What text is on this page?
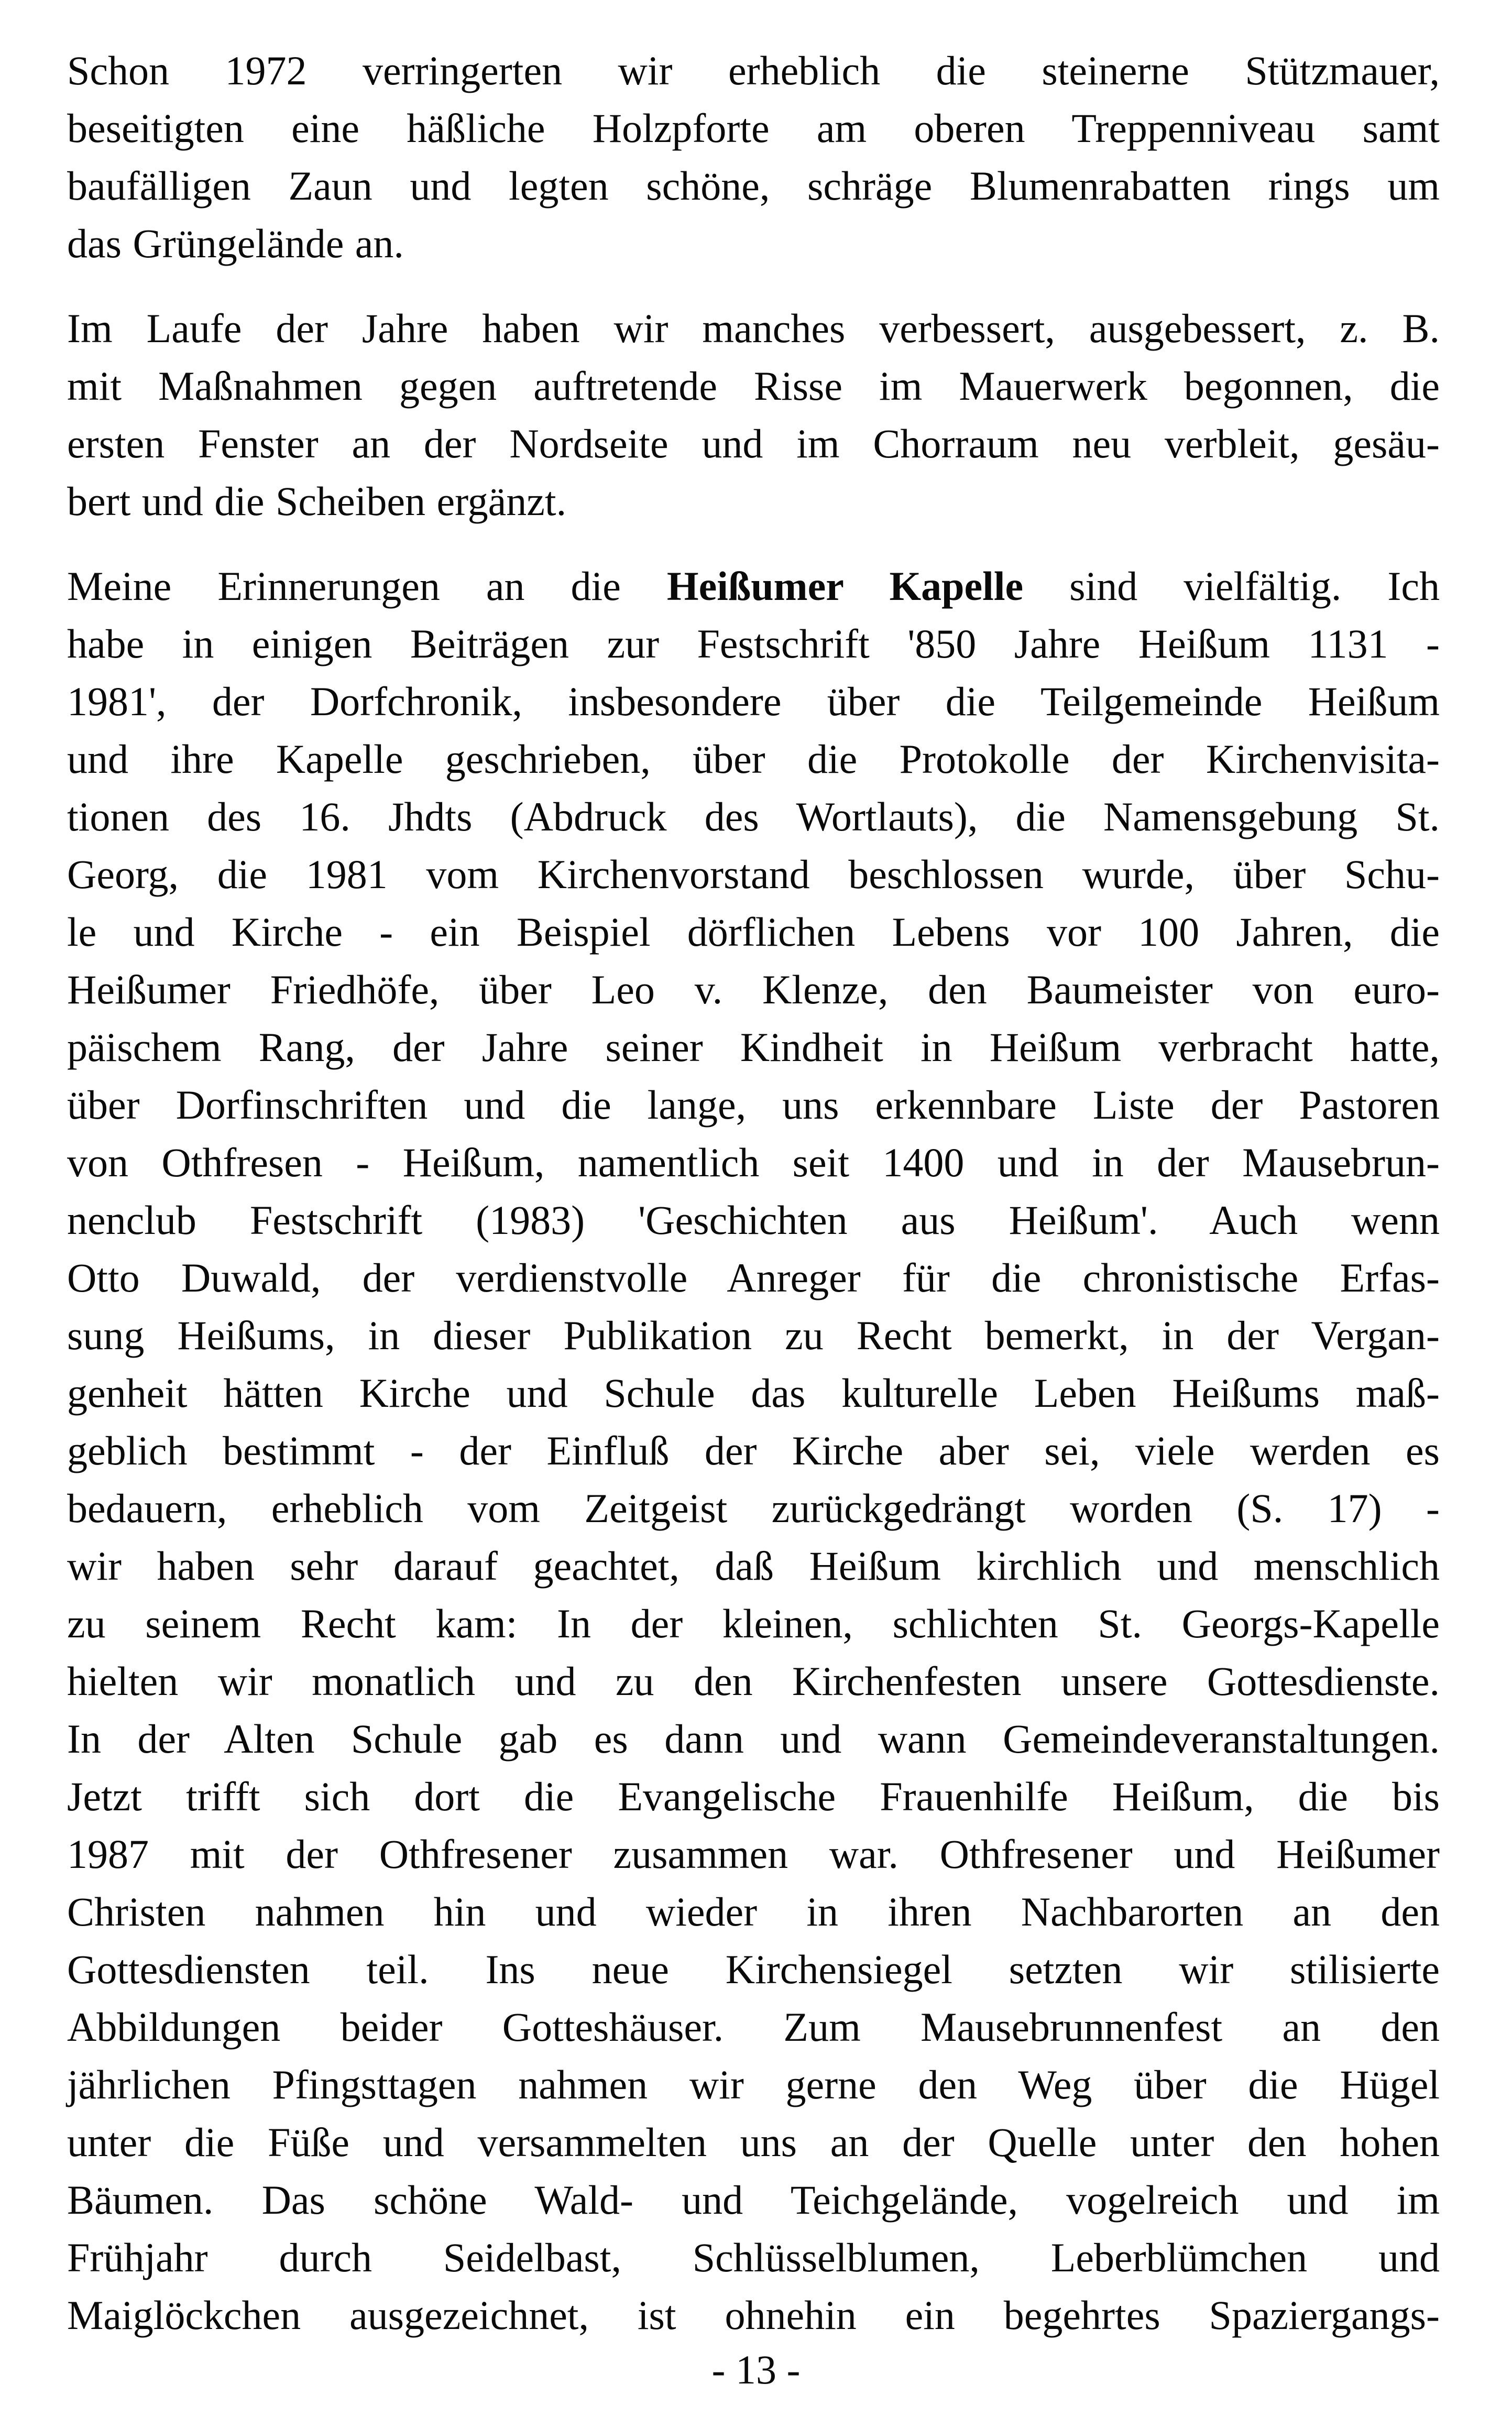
Schon 1972 verringerten wir erheblich die steinerne Stützmauer,
beseitigten eine häßliche Holzpforte am oberen Treppenniveau samt
baufälligen Zaun und legten schöne, schräge Blumenrabatten rings um
das Grüngelände an.
Im Laufe der Jahre haben wir manches verbessert, ausgebessert, z. B.
mit Maßnahmen gegen auftretende Risse im Mauerwerk begonnen, die
ersten Fenster an der Nordseite und im Chorraum neu verbleit, gesäu-
bert und die Scheiben ergänzt.
Meine Erinnerungen an die Heißumer Kapelle sind vielfältig. Ich
habe in einigen Beiträgen zur Festschrift '850 Jahre Heißum 1131 -
1981', der Dorfchronik, insbesondere über die Teilgemeinde Heißum
und ihre Kapelle geschrieben, über die Protokolle der Kirchenvisita-
tionen des 16. Jhdts (Abdruck des Wortlauts), die Namensgebung St.
Georg, die 1981 vom Kirchenvorstand beschlossen wurde, über Schu-
le und Kirche - ein Beispiel dörflichen Lebens vor 100 Jahren, die
Heißumer Friedhöfe, über Leo v. Klenze, den Baumeister von euro-
päischem Rang, der Jahre seiner Kindheit in Heißum verbracht hatte,
über Dorfinschriften und die lange, uns erkennbare Liste der Pastoren
von Othfresen - Heißum, namentlich seit 1400 und in der Mausebrun-
nenclub Festschrift (1983) 'Geschichten aus Heißum'. Auch wenn
Otto Duwald, der verdienstvolle Anreger für die chronistische Erfas-
sung Heißums, in dieser Publikation zu Recht bemerkt, in der Vergan-
genheit hätten Kirche und Schule das kulturelle Leben Heißums maß-
geblich bestimmt - der Einfluß der Kirche aber sei, viele werden es
bedauern, erheblich vom Zeitgeist zurückgedrängt worden (S. 17) -
wir haben sehr darauf geachtet, daß Heißum kirchlich und menschlich
zu seinem Recht kam: In der kleinen, schlichten St. Georgs-Kapelle
hielten wir monatlich und zu den Kirchenfesten unsere Gottesdienste.
In der Alten Schule gab es dann und wann Gemeindeveranstaltungen.
Jetzt trifft sich dort die Evangelische Frauenhilfe Heißum, die bis
1987 mit der Othfresener zusammen war. Othfresener und Heißumer
Christen nahmen hin und wieder in ihren Nachbarorten an den
Gottesdiensten teil. Ins neue Kirchensiegel setzten wir stilisierte
Abbildungen beider Gotteshäuser. Zum Mausebrunnenfest an den
jährlichen Pfingsttagen nahmen wir gerne den Weg über die Hügel
unter die Füße und versammelten uns an der Quelle unter den hohen
Bäumen. Das schöne Wald- und Teichgelände, vogelreich und im
Frühjahr durch Seidelbast, Schlüsselblumen, Leberblümchen und
Maiglöckchen ausgezeichnet, ist ohnehin ein begehrtes Spaziergangs-
- 13 -
